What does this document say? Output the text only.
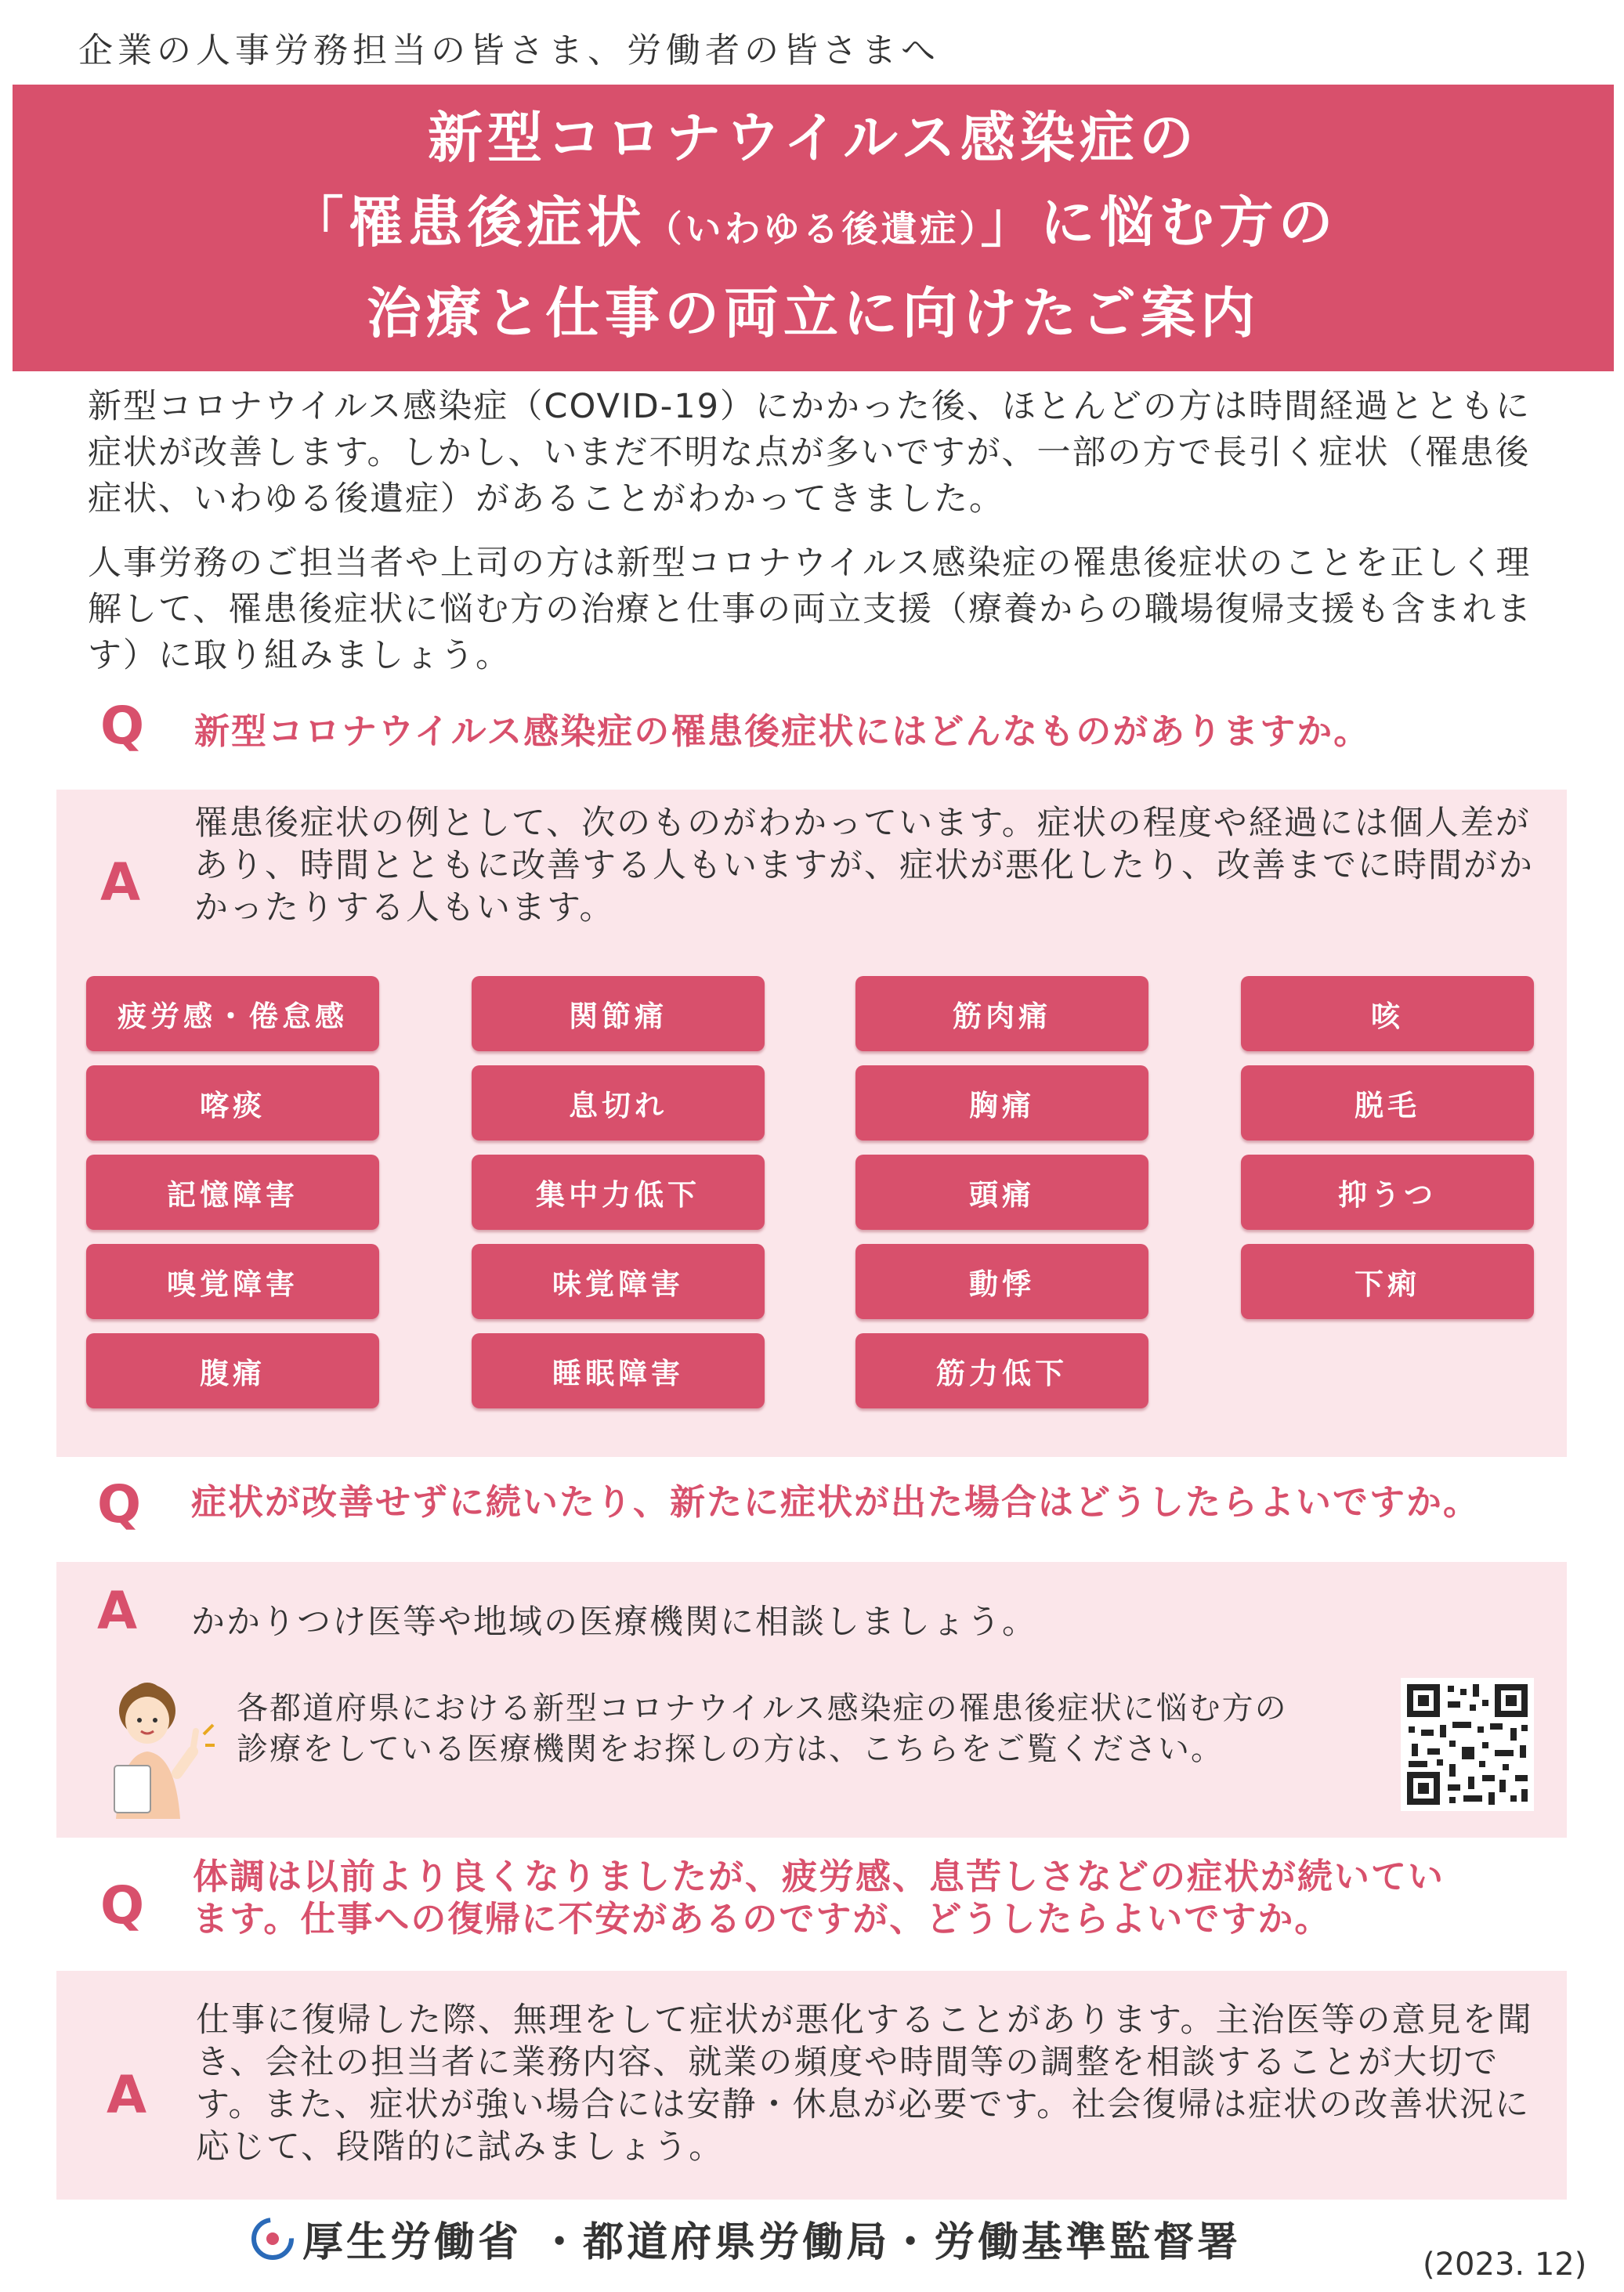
企業の人事労務担当の皆さま、労働者の皆さまへ
新型コロナウイルス感染症の
「罹患後症状（いわゆる後遺症）」に悩む方の
治療と仕事の両立に向けたご案内
新型コロナウイルス感染症（COVID-19）にかかった後、ほとんどの方は時間経過とともに症状が改善します。しかし、いまだ不明な点が多いですが、一部の方で長引く症状（罹患後症状、いわゆる後遺症）があることがわかってきました。
人事労務のご担当者や上司の方は新型コロナウイルス感染症の罹患後症状のことを正しく理解して、罹患後症状に悩む方の治療と仕事の両立支援（療養からの職場復帰支援も含まれます）に取り組みましょう。
Q 新型コロナウイルス感染症の罹患後症状にはどんなものがありますか。
A
罹患後症状の例として、次のものがわかっています。症状の程度や経過には個人差があり、時間とともに改善する人もいますが、症状が悪化したり、改善までに時間がかかったりする人もいます。
疲労感・倦怠感	関節痛	筋肉痛	咳
喀痰	息切れ	胸痛	脱毛
記憶障害	集中力低下	頭痛	抑うつ
嗅覚障害	味覚障害	動悸	下痢
腹痛	睡眠障害	筋力低下
Q 症状が改善せずに続いたり、新たに症状が出た場合はどうしたらよいですか。
A かかりつけ医等や地域の医療機関に相談しましょう。
各都道府県における新型コロナウイルス感染症の罹患後症状に悩む方の
診療をしている医療機関をお探しの方は、こちらをご覧ください。
Q 体調は以前より良くなりましたが、疲労感、息苦しさなどの症状が続いてい
ます。仕事への復帰に不安があるのですが、どうしたらよいですか。
A
仕事に復帰した際、無理をして症状が悪化することがあります。主治医等の意見を聞き、会社の担当者に業務内容、就業の頻度や時間等の調整を相談することが大切です。また、症状が強い場合には安静・休息が必要です。社会復帰は症状の改善状況に応じて、段階的に試みましょう。
厚生労働省 ・都道府県労働局・労働基準監督署	(2023. 12)
